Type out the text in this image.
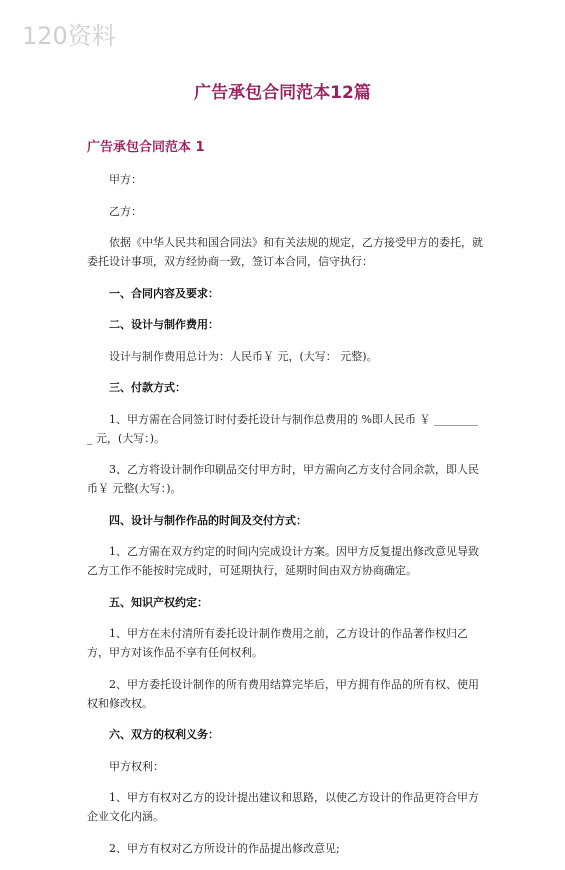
120资料
广告承包合同范本12篇
广告承包合同范本 1

甲方：

乙方：

依据《中华人民共和国合同法》和有关法规的规定，乙方接受甲方的委托，就委托设计事项，双方经协商一致，签订本合同，信守执行：

一、合同内容及要求：

二、设计与制作费用：

设计与制作费用总计为：人民币￥ 元，(大写： 元整)。

三、付款方式：

1、甲方需在合同签订时付委托设计与制作总费用的 %即人民币 ￥ _________ 元，(大写：)。

3、乙方将设计制作印刷品交付甲方时，甲方需向乙方支付合同余款，即人民币￥ 元整(大写：)。

四、设计与制作作品的时间及交付方式：

1、乙方需在双方约定的时间内完成设计方案。因甲方反复提出修改意见导致乙方工作不能按时完成时，可延期执行，延期时间由双方协商确定。

五、知识产权约定：

1、甲方在未付清所有委托设计制作费用之前，乙方设计的作品著作权归乙方，甲方对该作品不享有任何权利。

2、甲方委托设计制作的所有费用结算完毕后，甲方拥有作品的所有权、使用权和修改权。

六、双方的权利义务：

甲方权利：

1、甲方有权对乙方的设计提出建议和思路，以使乙方设计的作品更符合甲方企业文化内涵。

2、甲方有权对乙方所设计的作品提出修改意见;
